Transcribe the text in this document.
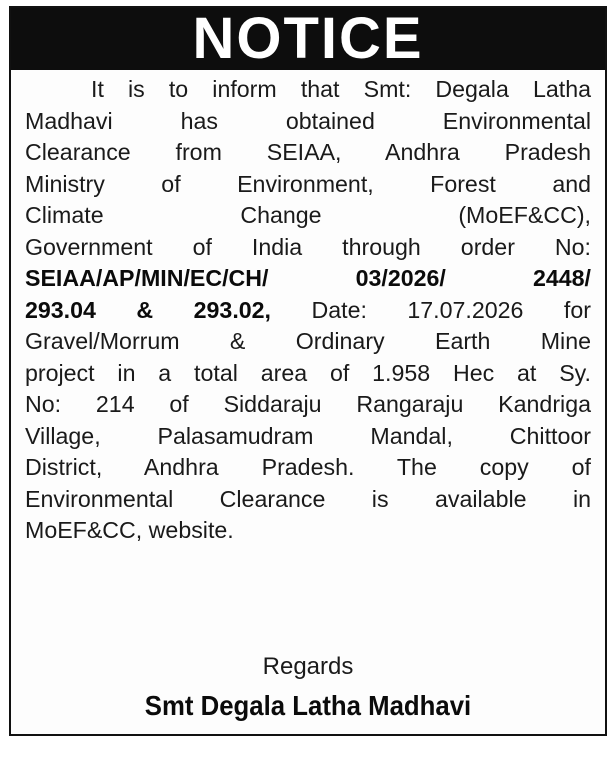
NOTICE
It is to inform that Smt: Degala Latha
Madhavi has obtained Environmental
Clearance from SEIAA, Andhra Pradesh
Ministry of Environment, Forest and
Climate Change (MoEF&CC),
Government of India through order No:
SEIAA/AP/MIN/EC/CH/ 03/2026/ 2448/
293.04 & 293.02, Date: 17.07.2026 for
Gravel/Morrum & Ordinary Earth Mine
project in a total area of 1.958 Hec at Sy.
No: 214 of Siddaraju Rangaraju Kandriga
Village, Palasamudram Mandal, Chittoor
District, Andhra Pradesh. The copy of
Environmental Clearance is available in
MoEF&CC, website.
Regards
Smt Degala Latha Madhavi
